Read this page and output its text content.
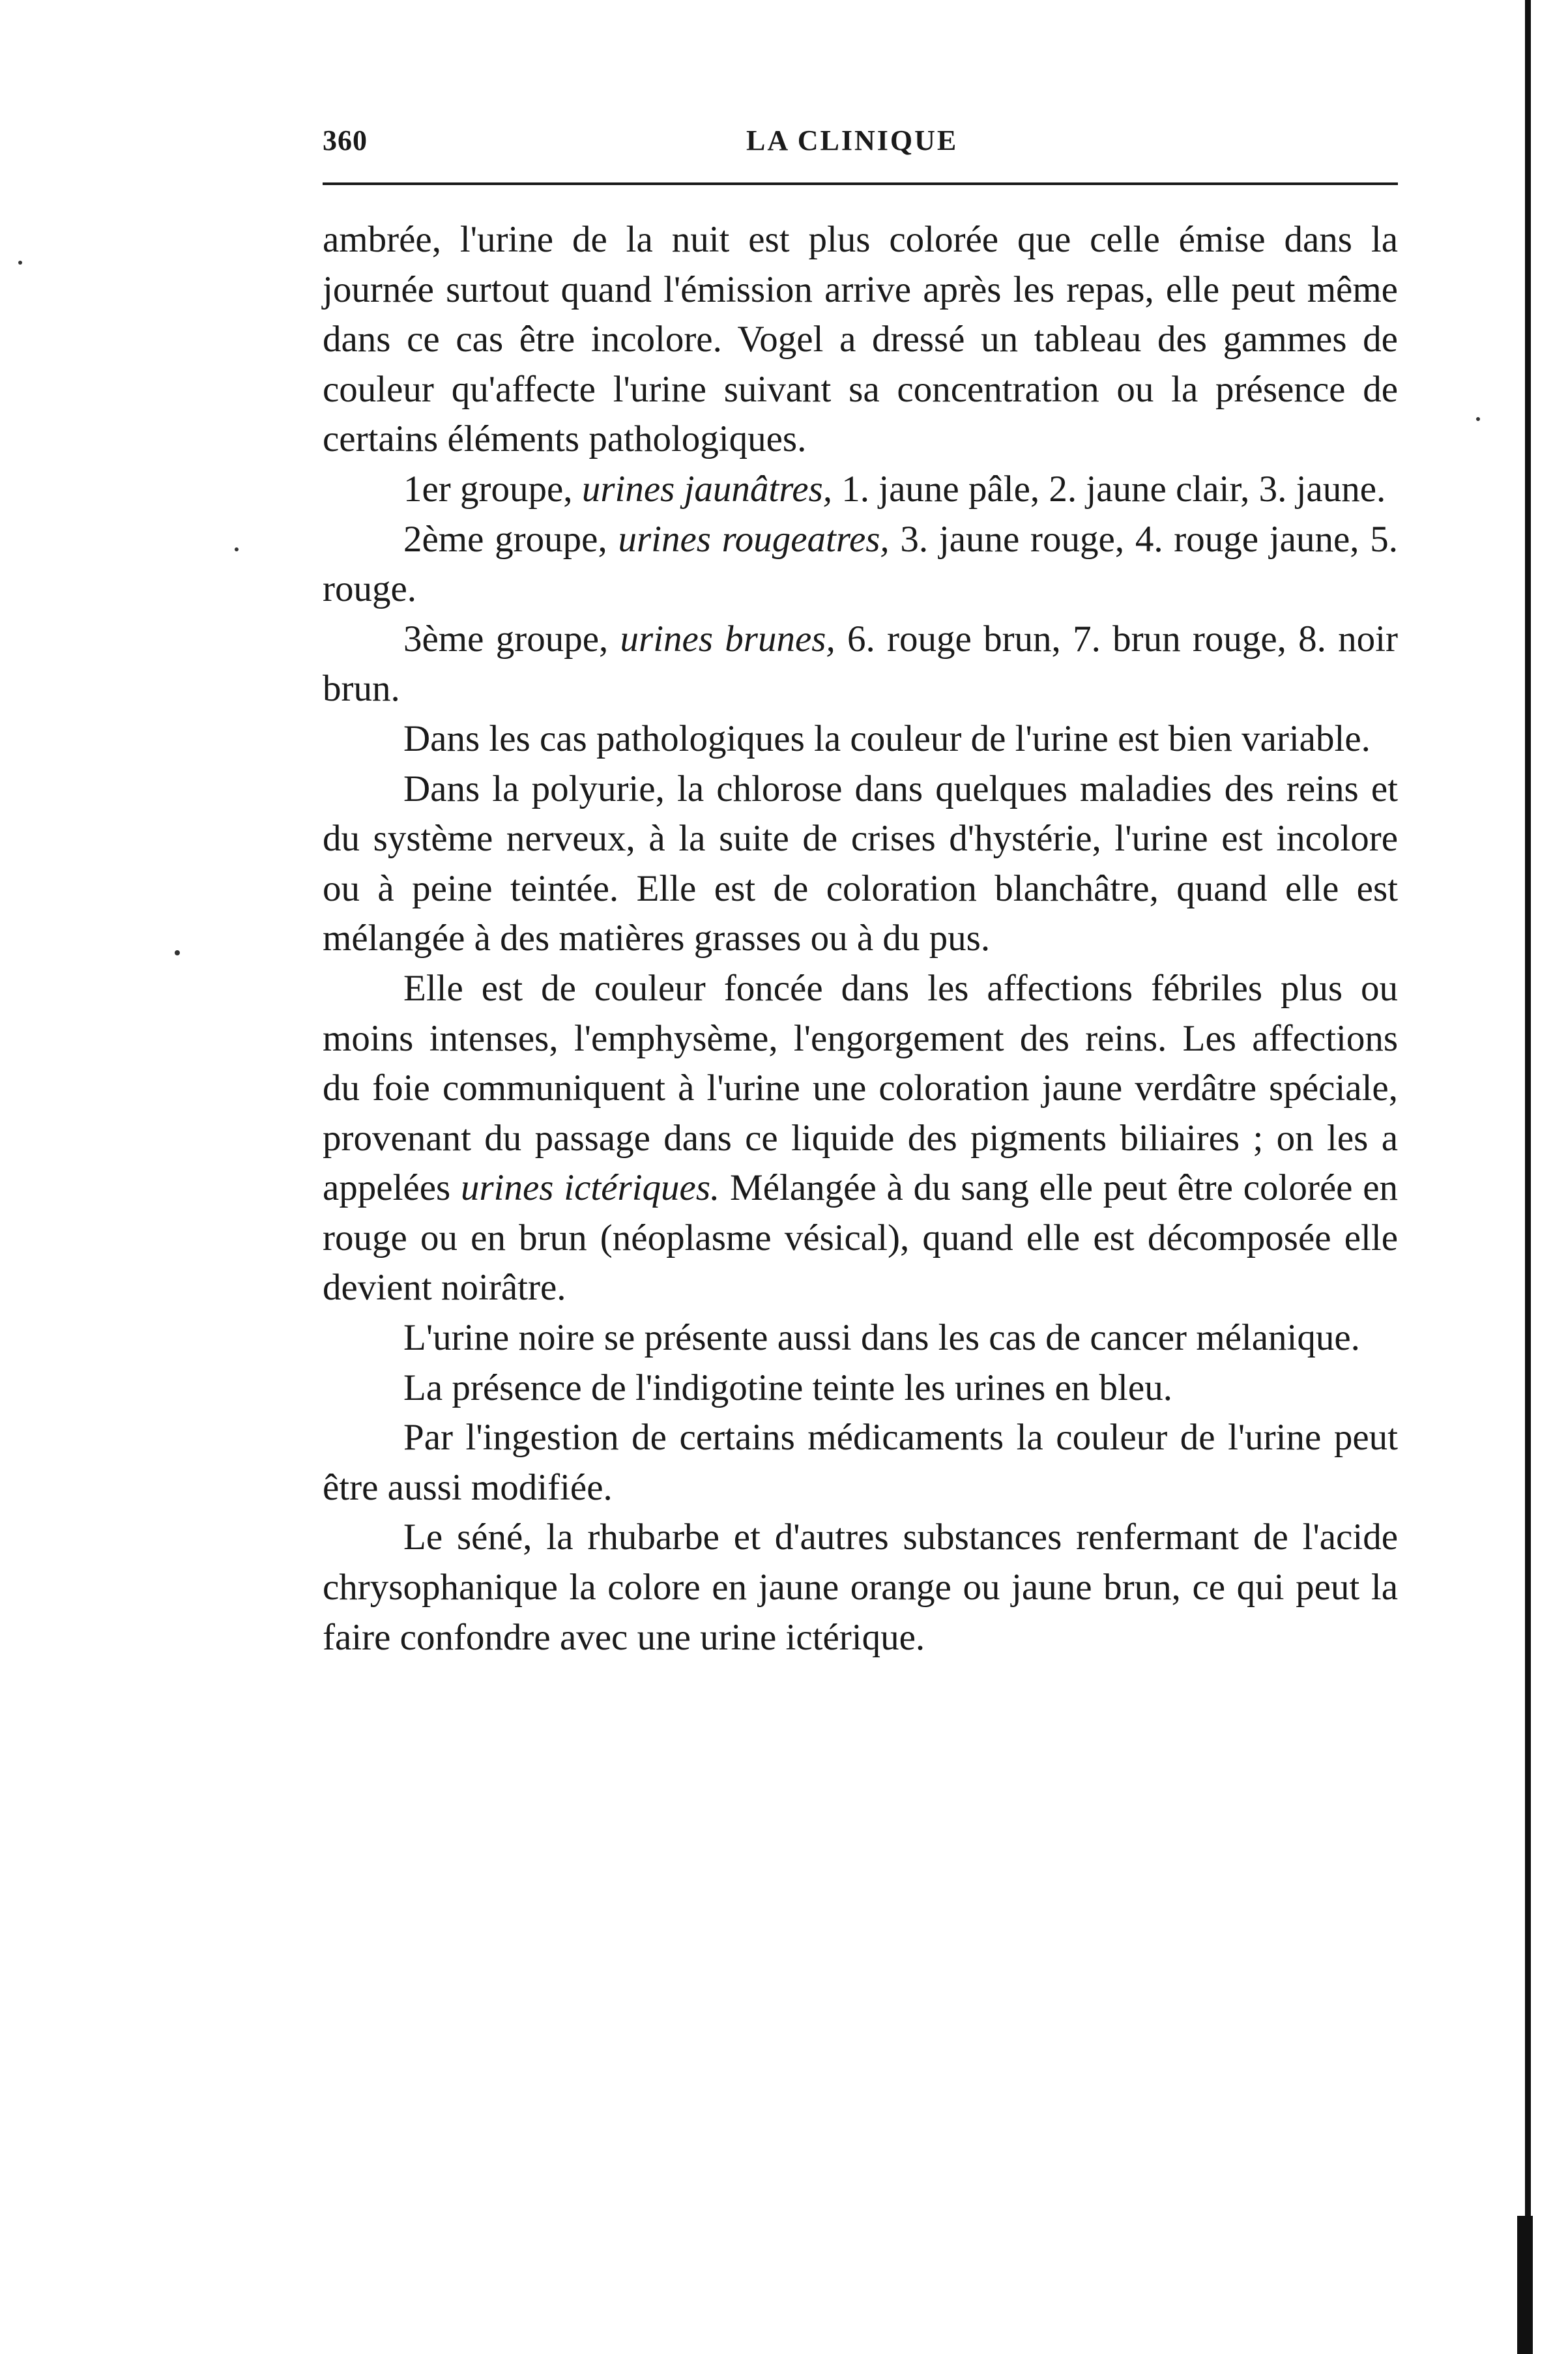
360	LA CLINIQUE

ambrée, l'urine de la nuit est plus colorée que celle émise dans la journée surtout quand l'émission arrive après les repas, elle peut même dans ce cas être incolore. Vogel a dressé un tableau des gammes de couleur qu'affecte l'urine suivant sa concentration ou la présence de certains éléments pathologiques.

1er groupe, urines jaunâtres, 1. jaune pâle, 2. jaune clair, 3. jaune.

2ème groupe, urines rougeatres, 3. jaune rouge, 4. rouge jaune, 5. rouge.

3ème groupe, urines brunes, 6. rouge brun, 7. brun rouge, 8. noir brun.

Dans les cas pathologiques la couleur de l'urine est bien variable.

Dans la polyurie, la chlorose dans quelques maladies des reins et du système nerveux, à la suite de crises d'hystérie, l'urine est incolore ou à peine teintée. Elle est de coloration blanchâtre, quand elle est mélangée à des matières grasses ou à du pus.

Elle est de couleur foncée dans les affections fébriles plus ou moins intenses, l'emphysème, l'engorgement des reins. Les affections du foie communiquent à l'urine une coloration jaune verdâtre spéciale, provenant du passage dans ce liquide des pigments biliaires ; on les a appelées urines ictériques. Mélangée à du sang elle peut être colorée en rouge ou en brun (néoplasme vésical), quand elle est décomposée elle devient noirâtre.

L'urine noire se présente aussi dans les cas de cancer mélanique.

La présence de l'indigotine teinte les urines en bleu.

Par l'ingestion de certains médicaments la couleur de l'urine peut être aussi modifiée.

Le séné, la rhubarbe et d'autres substances renfermant de l'acide chrysophanique la colore en jaune orange ou jaune brun, ce qui peut la faire confondre avec une urine ictérique.
